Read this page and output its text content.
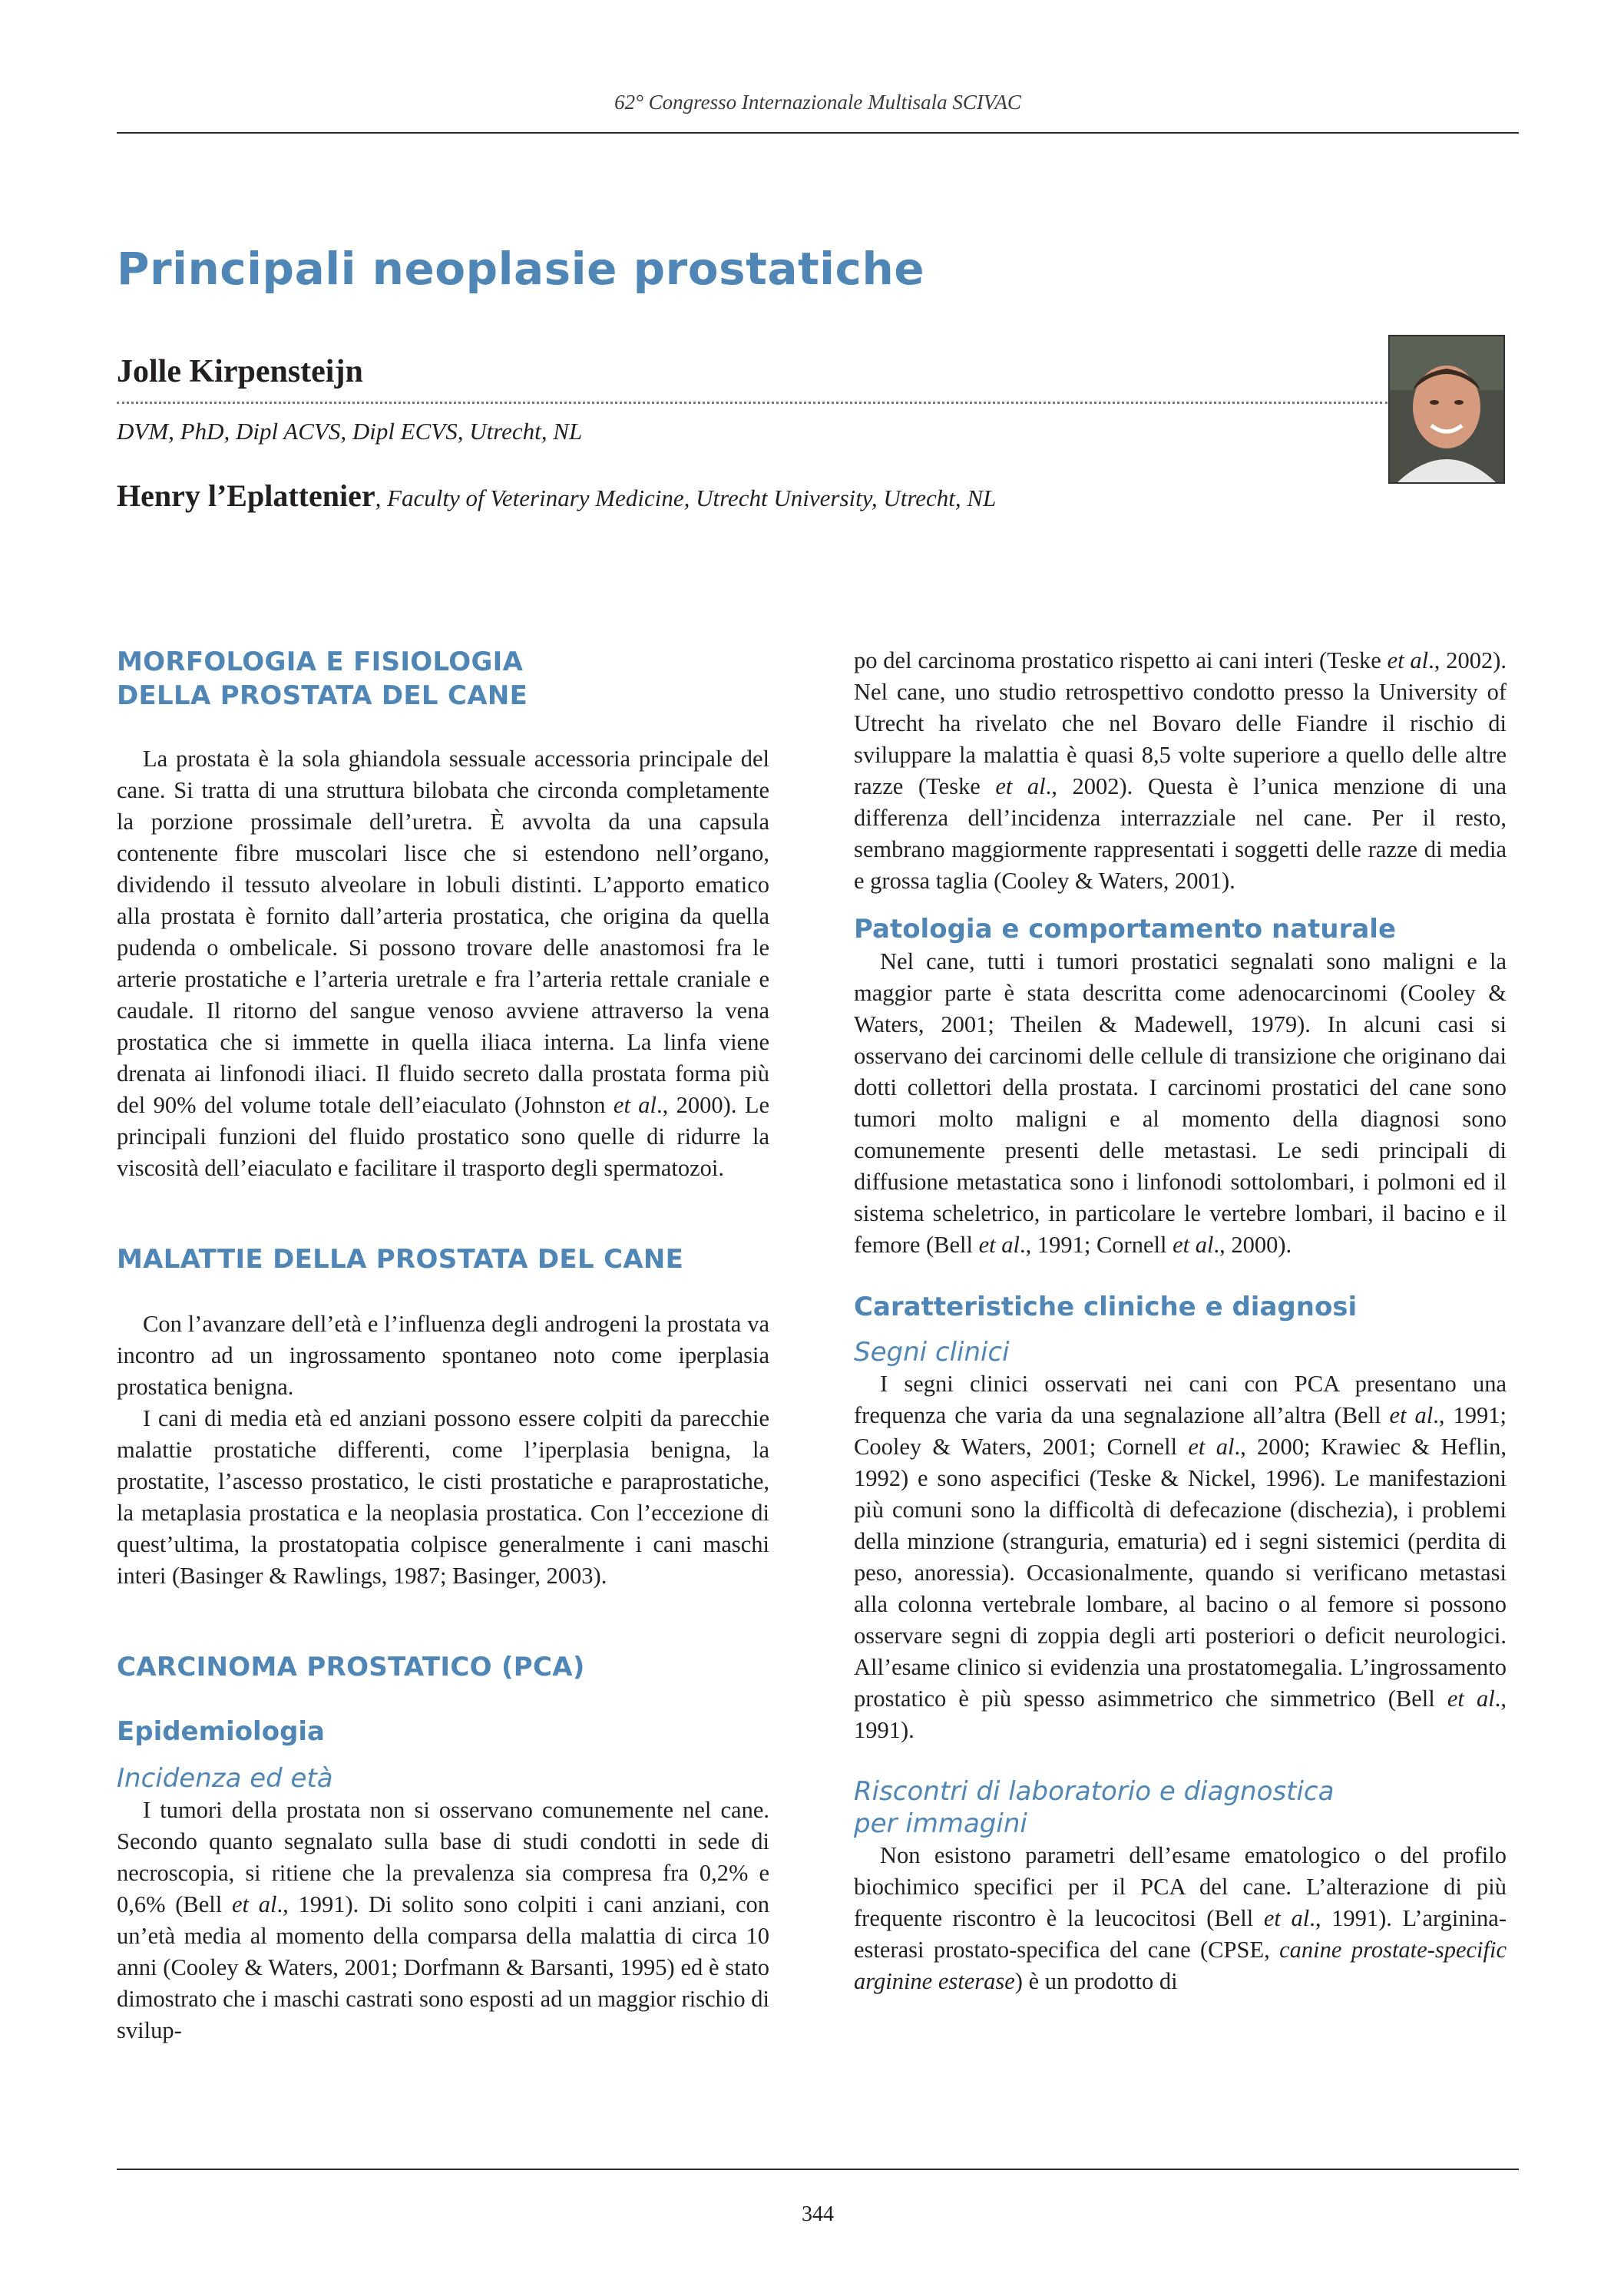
62° Congresso Internazionale Multisala SCIVAC
Principali neoplasie prostatiche
Jolle Kirpensteijn
DVM, PhD, Dipl ACVS, Dipl ECVS, Utrecht, NL
Henry l’Eplattenier, Faculty of Veterinary Medicine, Utrecht University, Utrecht, NL
MORFOLOGIA E FISIOLOGIA
DELLA PROSTATA DEL CANE

La prostata è la sola ghiandola sessuale accessoria principale del cane. Si tratta di una struttura bilobata che circonda completamente la porzione prossimale dell’uretra. È avvolta da una capsula contenente fibre muscolari lisce che si estendono nell’organo, dividendo il tessuto alveolare in lobuli distinti. L’apporto ematico alla prostata è fornito dall’arteria prostatica, che origina da quella pudenda o ombelicale. Si possono trovare delle anastomosi fra le arterie prostatiche e l’arteria uretrale e fra l’arteria rettale craniale e caudale. Il ritorno del sangue venoso avviene attraverso la vena prostatica che si immette in quella iliaca interna. La linfa viene drenata ai linfonodi iliaci. Il fluido secreto dalla prostata forma più del 90% del volume totale dell’eiaculato (Johnston et al., 2000). Le principali funzioni del fluido prostatico sono quelle di ridurre la viscosità dell’eiaculato e facilitare il trasporto degli spermatozoi.

MALATTIE DELLA PROSTATA DEL CANE

Con l’avanzare dell’età e l’influenza degli androgeni la prostata va incontro ad un ingrossamento spontaneo noto come iperplasia prostatica benigna.

I cani di media età ed anziani possono essere colpiti da parecchie malattie prostatiche differenti, come l’iperplasia benigna, la prostatite, l’ascesso prostatico, le cisti prostatiche e paraprostatiche, la metaplasia prostatica e la neoplasia prostatica. Con l’eccezione di quest’ultima, la prostatopatia colpisce generalmente i cani maschi interi (Basinger & Rawlings, 1987; Basinger, 2003).

CARCINOMA PROSTATICO (PCA)
Epidemiologia
Incidenza ed età

I tumori della prostata non si osservano comunemente nel cane. Secondo quanto segnalato sulla base di studi condotti in sede di necroscopia, si ritiene che la prevalenza sia compresa fra 0,2% e 0,6% (Bell et al., 1991). Di solito sono colpiti i cani anziani, con un’età media al momento della comparsa della malattia di circa 10 anni (Cooley & Waters, 2001; Dorfmann & Barsanti, 1995) ed è stato dimostrato che i maschi castrati sono esposti ad un maggior rischio di svilup-

po del carcinoma prostatico rispetto ai cani interi (Teske et al., 2002). Nel cane, uno studio retrospettivo condotto presso la University of Utrecht ha rivelato che nel Bovaro delle Fiandre il rischio di sviluppare la malattia è quasi 8,5 volte superiore a quello delle altre razze (Teske et al., 2002). Questa è l’unica menzione di una differenza dell’incidenza interrazziale nel cane. Per il resto, sembrano maggiormente rappresentati i soggetti delle razze di media e grossa taglia (Cooley & Waters, 2001).

Patologia e comportamento naturale

Nel cane, tutti i tumori prostatici segnalati sono maligni e la maggior parte è stata descritta come adenocarcinomi (Cooley & Waters, 2001; Theilen & Madewell, 1979). In alcuni casi si osservano dei carcinomi delle cellule di transizione che originano dai dotti collettori della prostata. I carcinomi prostatici del cane sono tumori molto maligni e al momento della diagnosi sono comunemente presenti delle metastasi. Le sedi principali di diffusione metastatica sono i linfonodi sottolombari, i polmoni ed il sistema scheletrico, in particolare le vertebre lombari, il bacino e il femore (Bell et al., 1991; Cornell et al., 2000).

Caratteristiche cliniche e diagnosi
Segni clinici

I segni clinici osservati nei cani con PCA presentano una frequenza che varia da una segnalazione all’altra (Bell et al., 1991; Cooley & Waters, 2001; Cornell et al., 2000; Krawiec & Heflin, 1992) e sono aspecifici (Teske & Nickel, 1996). Le manifestazioni più comuni sono la difficoltà di defecazione (dischezia), i problemi della minzione (stranguria, ematuria) ed i segni sistemici (perdita di peso, anoressia). Occasionalmente, quando si verificano metastasi alla colonna vertebrale lombare, al bacino o al femore si possono osservare segni di zoppia degli arti posteriori o deficit neurologici. All’esame clinico si evidenzia una prostatomegalia. L’ingrossamento prostatico è più spesso asimmetrico che simmetrico (Bell et al., 1991).

Riscontri di laboratorio e diagnostica
per immagini

Non esistono parametri dell’esame ematologico o del profilo biochimico specifici per il PCA del cane. L’alterazione di più frequente riscontro è la leucocitosi (Bell et al., 1991). L’arginina-esterasi prostato-specifica del cane (CPSE, canine prostate-specific arginine esterase) è un prodotto di

344
